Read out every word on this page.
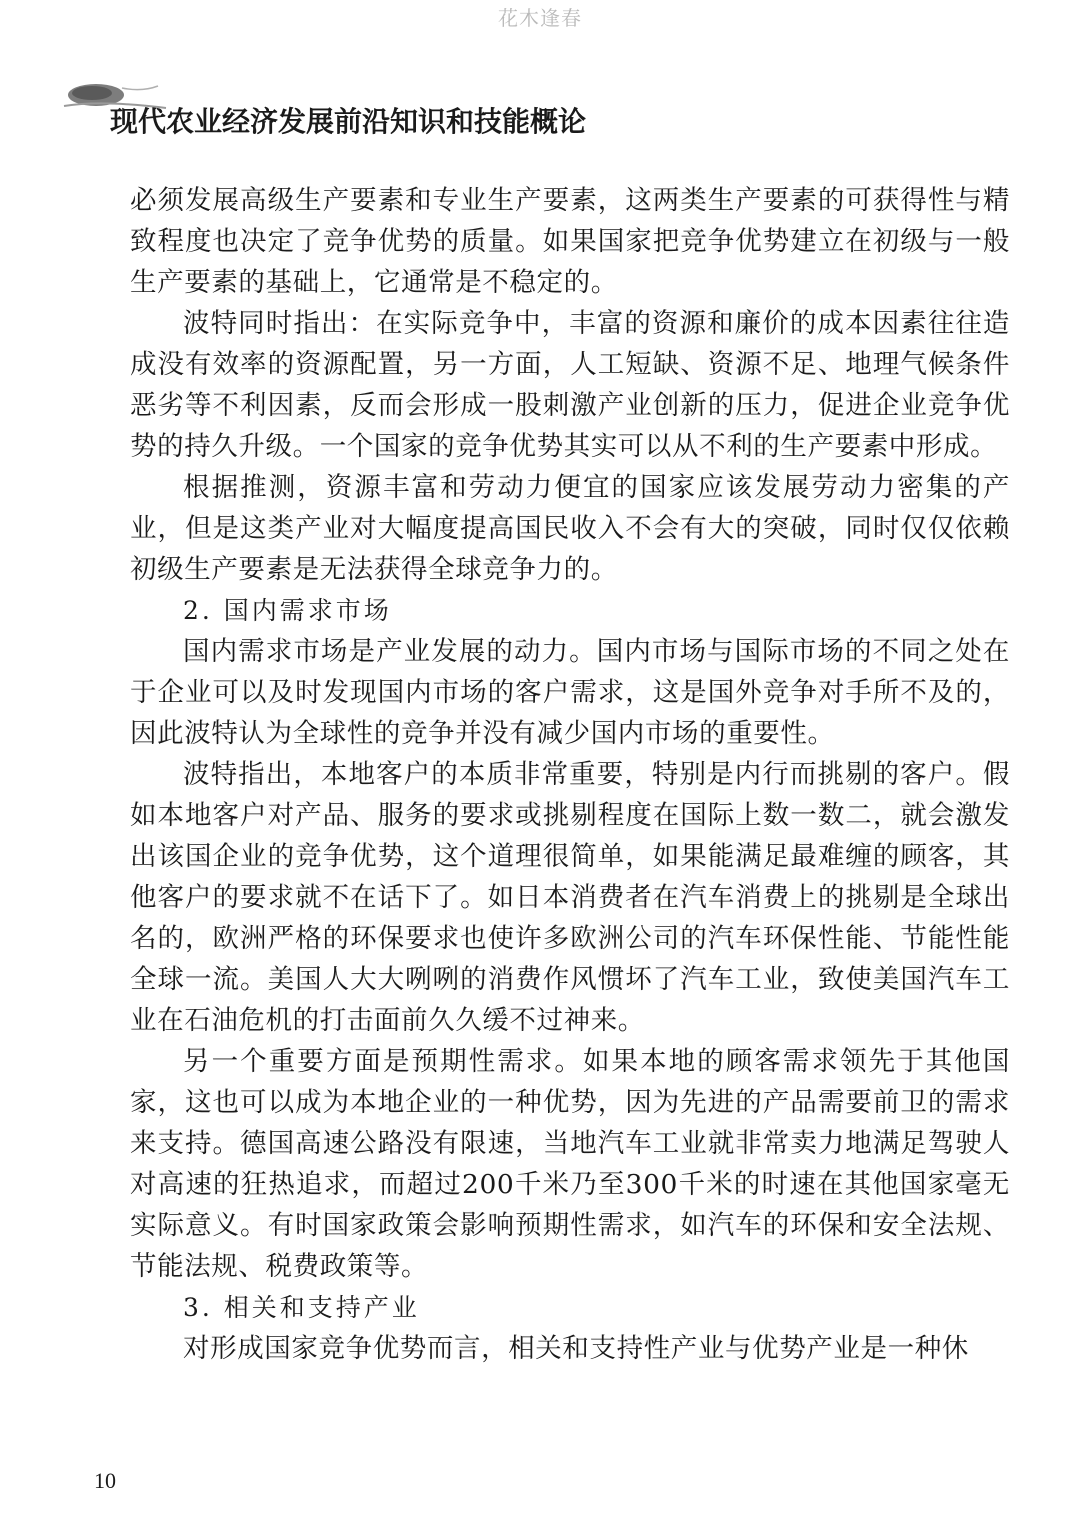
花木逢春
现代农业经济发展前沿知识和技能概论

必须发展高级生产要素和专业生产要素，这两类生产要素的可获得性与精致程度也决定了竞争优势的质量。如果国家把竞争优势建立在初级与一般生产要素的基础上，它通常是不稳定的。

波特同时指出：在实际竞争中，丰富的资源和廉价的成本因素往往造成没有效率的资源配置，另一方面，人工短缺、资源不足、地理气候条件恶劣等不利因素，反而会形成一股刺激产业创新的压力，促进企业竞争优势的持久升级。一个国家的竞争优势其实可以从不利的生产要素中形成。

根据推测，资源丰富和劳动力便宜的国家应该发展劳动力密集的产业，但是这类产业对大幅度提高国民收入不会有大的突破，同时仅仅依赖初级生产要素是无法获得全球竞争力的。

2. 国内需求市场

国内需求市场是产业发展的动力。国内市场与国际市场的不同之处在于企业可以及时发现国内市场的客户需求，这是国外竞争对手所不及的，因此波特认为全球性的竞争并没有减少国内市场的重要性。

波特指出，本地客户的本质非常重要，特别是内行而挑剔的客户。假如本地客户对产品、服务的要求或挑剔程度在国际上数一数二，就会激发出该国企业的竞争优势，这个道理很简单，如果能满足最难缠的顾客，其他客户的要求就不在话下了。如日本消费者在汽车消费上的挑剔是全球出名的，欧洲严格的环保要求也使许多欧洲公司的汽车环保性能、节能性能全球一流。美国人大大咧咧的消费作风惯坏了汽车工业，致使美国汽车工业在石油危机的打击面前久久缓不过神来。

另一个重要方面是预期性需求。如果本地的顾客需求领先于其他国家，这也可以成为本地企业的一种优势，因为先进的产品需要前卫的需求来支持。德国高速公路没有限速，当地汽车工业就非常卖力地满足驾驶人对高速的狂热追求，而超过200千米乃至300千米的时速在其他国家毫无实际意义。有时国家政策会影响预期性需求，如汽车的环保和安全法规、节能法规、税费政策等。

3. 相关和支持产业

对形成国家竞争优势而言，相关和支持性产业与优势产业是一种休

10
